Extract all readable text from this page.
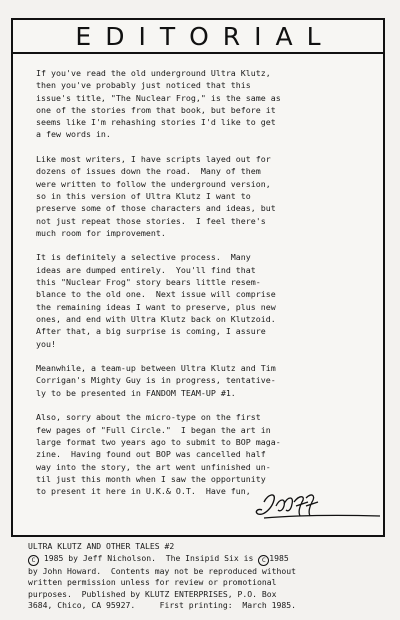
EDITORIAL

If you've read the old underground Ultra Klutz,
then you've probably just noticed that this
issue's title, "The Nuclear Frog," is the same as
one of the stories from that book, but before it
seems like I'm rehashing stories I'd like to get
a few words in.

Like most writers, I have scripts layed out for
dozens of issues down the road.  Many of them
were written to follow the underground version,
so in this version of Ultra Klutz I want to
preserve some of those characters and ideas, but
not just repeat those stories.  I feel there's
much room for improvement.

It is definitely a selective process.  Many
ideas are dumped entirely.  You'll find that
this "Nuclear Frog" story bears little resem-
blance to the old one.  Next issue will comprise
the remaining ideas I want to preserve, plus new
ones, and end with Ultra Klutz back on Klutzoid.
After that, a big surprise is coming, I assure
you!

Meanwhile, a team-up between Ultra Klutz and Tim
Corrigan's Mighty Guy is in progress, tentative-
ly to be presented in FANDOM TEAM-UP #1.

Also, sorry about the micro-type on the first
few pages of "Full Circle."  I began the art in
large format two years ago to submit to BOP maga-
zine.  Having found out BOP was cancelled half
way into the story, the art went unfinished un-
til just this month when I saw the opportunity
to present it here in U.K.& O.T.  Have fun,

ULTRA KLUTZ AND OTHER TALES #2
C 1985 by Jeff Nicholson.  The Insipid Six is C 1985
by John Howard.  Contents may not be reproduced without
written permission unless for review or promotional
purposes.  Published by KLUTZ ENTERPRISES, P.O. Box
3684, Chico, CA 95927.     First printing:  March 1985.
